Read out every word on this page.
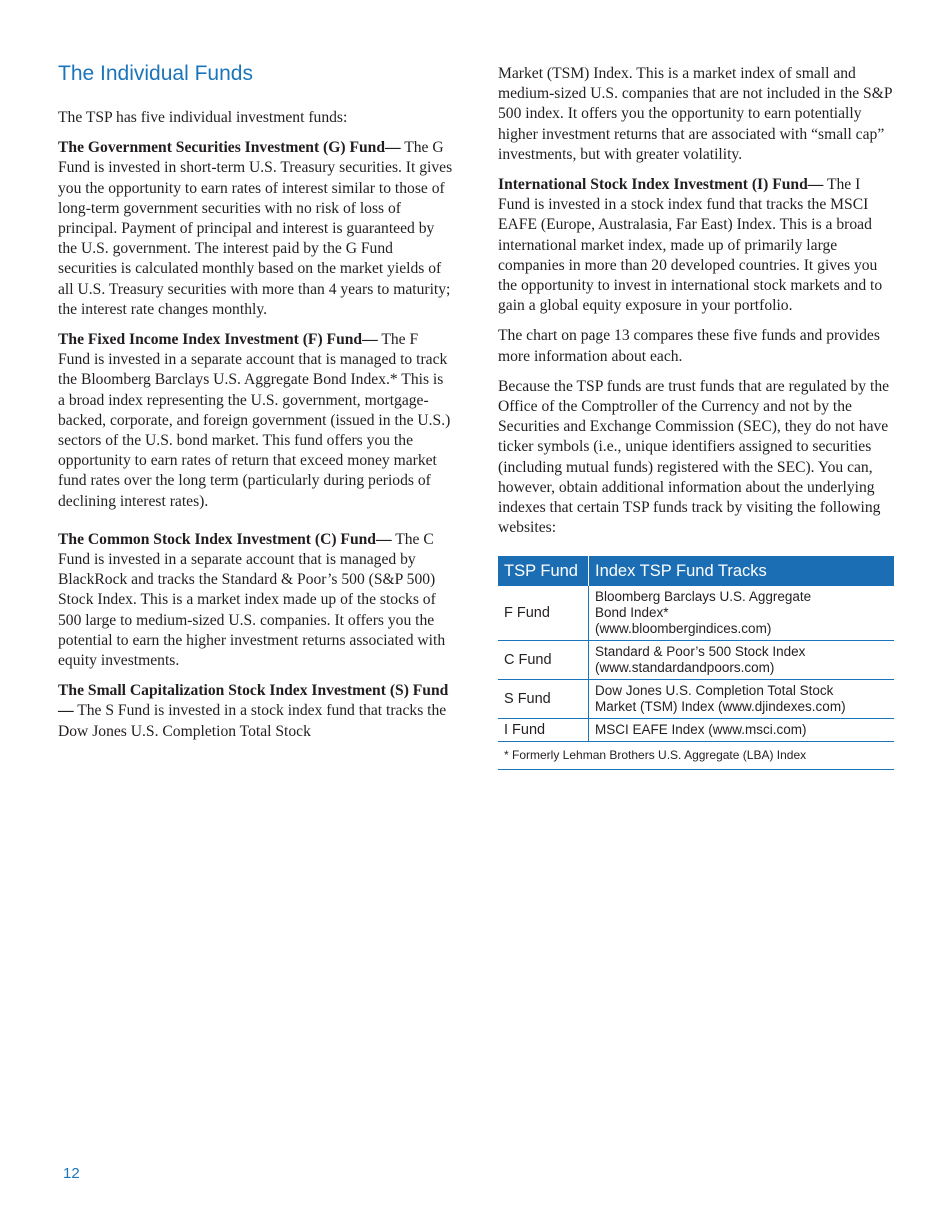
The Individual Funds

The TSP has five individual investment funds:

The Government Securities Investment (G) Fund— The G Fund is invested in short-term U.S. Treasury securities. It gives you the opportunity to earn rates of interest similar to those of long-term government securities with no risk of loss of principal. Payment of principal and interest is guaranteed by the U.S. government. The interest paid by the G Fund securities is calculated monthly based on the market yields of all U.S. Treasury securities with more than 4 years to maturity; the interest rate changes monthly.

The Fixed Income Index Investment (F) Fund— The F Fund is invested in a separate account that is managed to track the Bloomberg Barclays U.S. Aggregate Bond Index.* This is a broad index representing the U.S. government, mortgage-backed, corporate, and foreign government (issued in the U.S.) sectors of the U.S. bond market. This fund offers you the opportunity to earn rates of return that exceed money market fund rates over the long term (particularly during periods of declining interest rates).

The Common Stock Index Investment (C) Fund— The C Fund is invested in a separate account that is managed by BlackRock and tracks the Standard & Poor’s 500 (S&P 500) Stock Index. This is a market index made up of the stocks of 500 large to medium-sized U.S. companies. It offers you the potential to earn the higher investment returns associated with equity investments.

The Small Capitalization Stock Index Investment (S) Fund— The S Fund is invested in a stock index fund that tracks the Dow Jones U.S. Completion Total Stock

Market (TSM) Index. This is a market index of small and medium-sized U.S. companies that are not included in the S&P 500 index. It offers you the opportunity to earn potentially higher investment returns that are associated with “small cap” investments, but with greater volatility.

International Stock Index Investment (I) Fund— The I Fund is invested in a stock index fund that tracks the MSCI EAFE (Europe, Australasia, Far East) Index. This is a broad international market index, made up of primarily large companies in more than 20 developed countries. It gives you the opportunity to invest in international stock markets and to gain a global equity exposure in your portfolio.

The chart on page 13 compares these five funds and provides more information about each.

Because the TSP funds are trust funds that are regulated by the Office of the Comptroller of the Currency and not by the Securities and Exchange Commission (SEC), they do not have ticker symbols (i.e., unique identifiers assigned to securities (including mutual funds) registered with the SEC). You can, however, obtain additional information about the underlying indexes that certain TSP funds track by visiting the following websites:

TSP Fund	Index TSP Fund Tracks
F Fund	Bloomberg Barclays U.S. Aggregate
Bond Index*
(www.bloombergindices.com)

C Fund	Standard & Poor’s 500 Stock Index
(www.standardandpoors.com)

S Fund	Dow Jones U.S. Completion Total Stock
Market (TSM) Index (www.djindexes.com)

I Fund	MSCI EAFE Index (www.msci.com)

* Formerly Lehman Brothers U.S. Aggregate (LBA) Index	
12
